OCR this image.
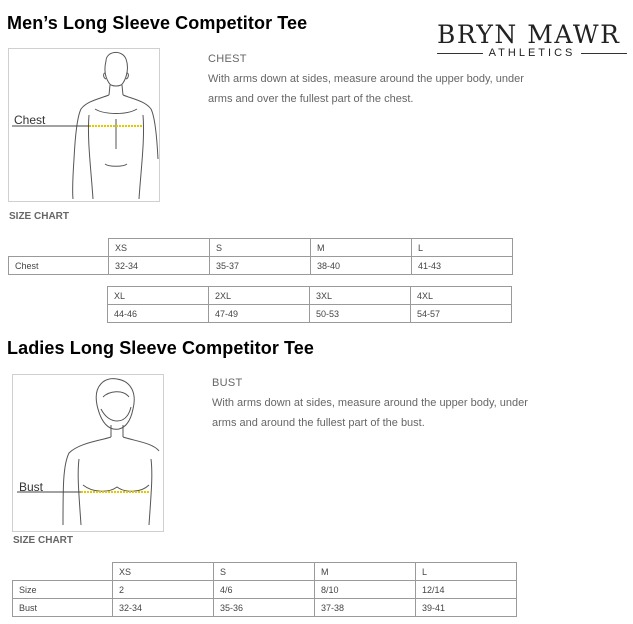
Men’s Long Sleeve Competitor Tee	BRYN MAWR
ATHLETICS
Chest
CHEST
With arms down at sides, measure around the upper body, under arms and over the fullest part of the chest.
SIZE CHART
	XS	S	M	L
Chest	32-34	35-37	38-40	41-43
	XL	2XL	3XL	4XL
	44-46	47-49	50-53	54-57
Ladies Long Sleeve Competitor Tee
Bust
BUST
With arms down at sides, measure around the upper body, under arms and around the fullest part of the bust.
SIZE CHART
	XS	S	M	L
Size	2	4/6	8/10	12/14
Bust	32-34	35-36	37-38	39-41
